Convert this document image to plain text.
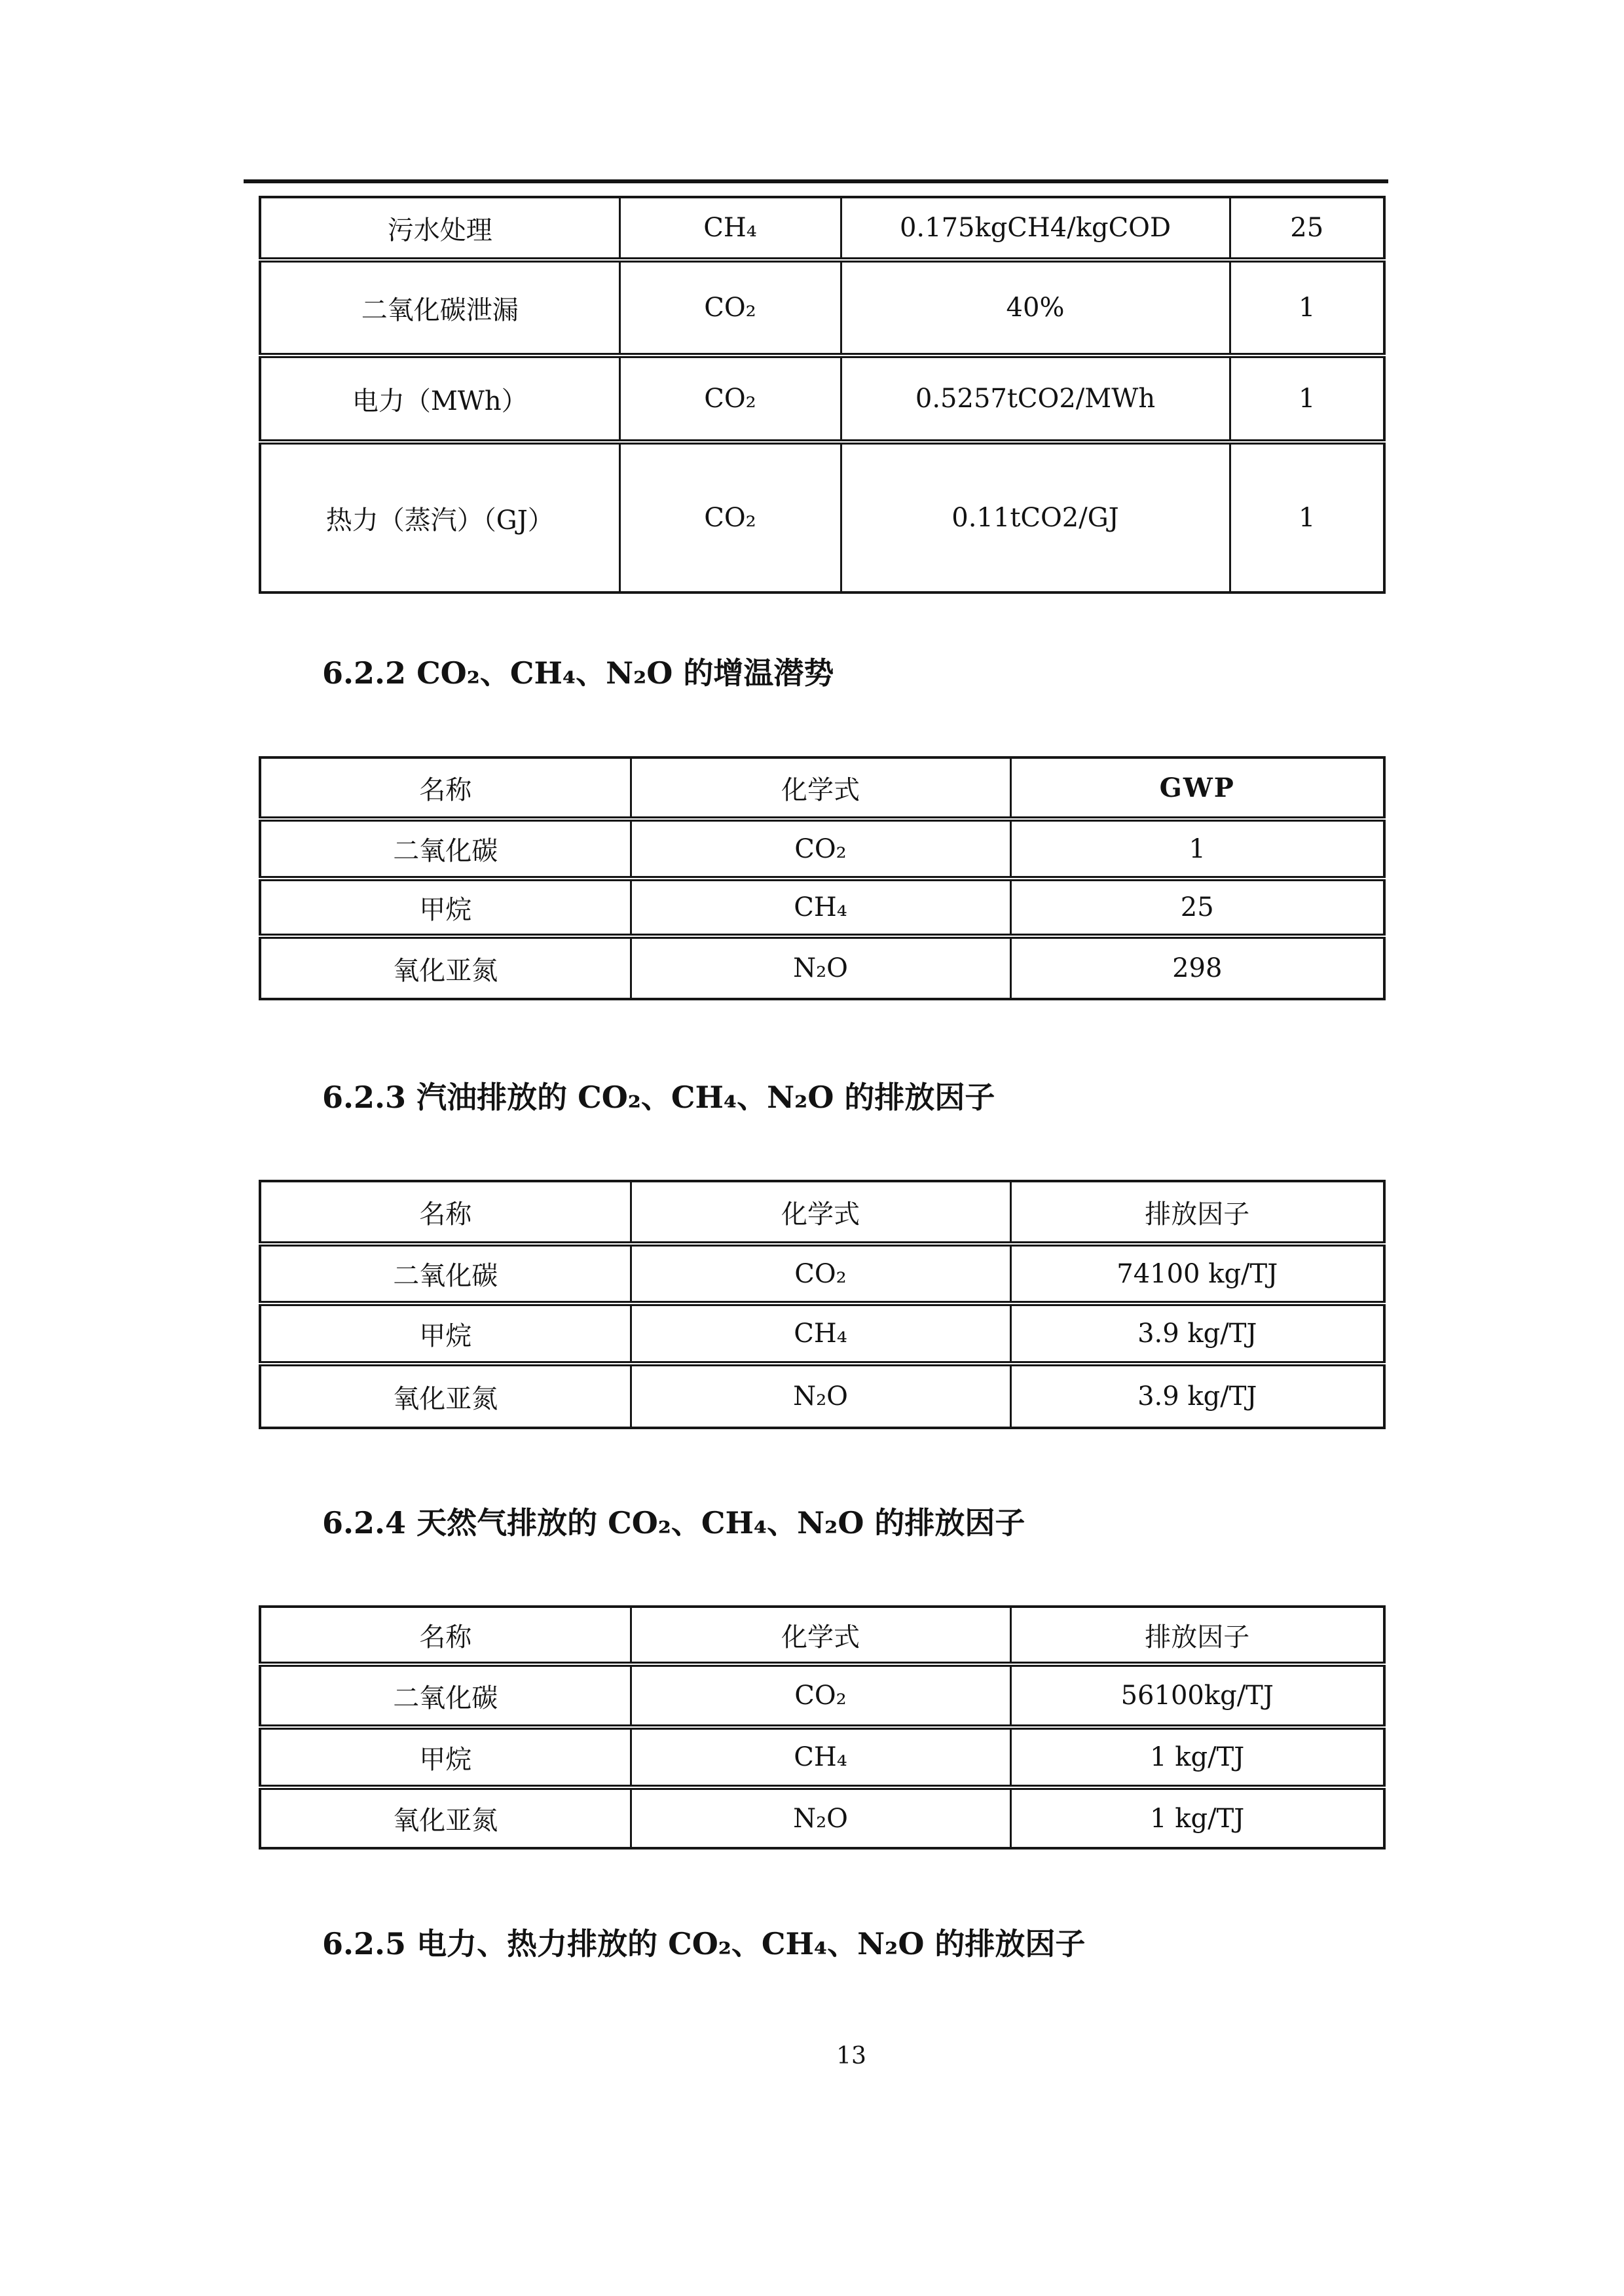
污水处理	CH₄	0.175kgCH4/kgCOD	25
二氧化碳泄漏	CO₂	40%	1
电力（MWh）	CO₂	0.5257tCO2/MWh	1
热力（蒸汽）（GJ）	CO₂	0.11tCO2/GJ	1
6.2.2 CO₂、CH₄、N₂O 的增温潜势
名称	化学式	GWP
二氧化碳	CO₂	1
甲烷	CH₄	25
氧化亚氮	N₂O	298
6.2.3 汽油排放的 CO₂、CH₄、N₂O 的排放因子
名称	化学式	排放因子
二氧化碳	CO₂	74100 kg/TJ
甲烷	CH₄	3.9 kg/TJ
氧化亚氮	N₂O	3.9 kg/TJ
6.2.4 天然气排放的 CO₂、CH₄、N₂O 的排放因子
名称	化学式	排放因子
二氧化碳	CO₂	56100kg/TJ
甲烷	CH₄	1 kg/TJ
氧化亚氮	N₂O	1 kg/TJ
6.2.5 电力、热力排放的 CO₂、CH₄、N₂O 的排放因子
13
